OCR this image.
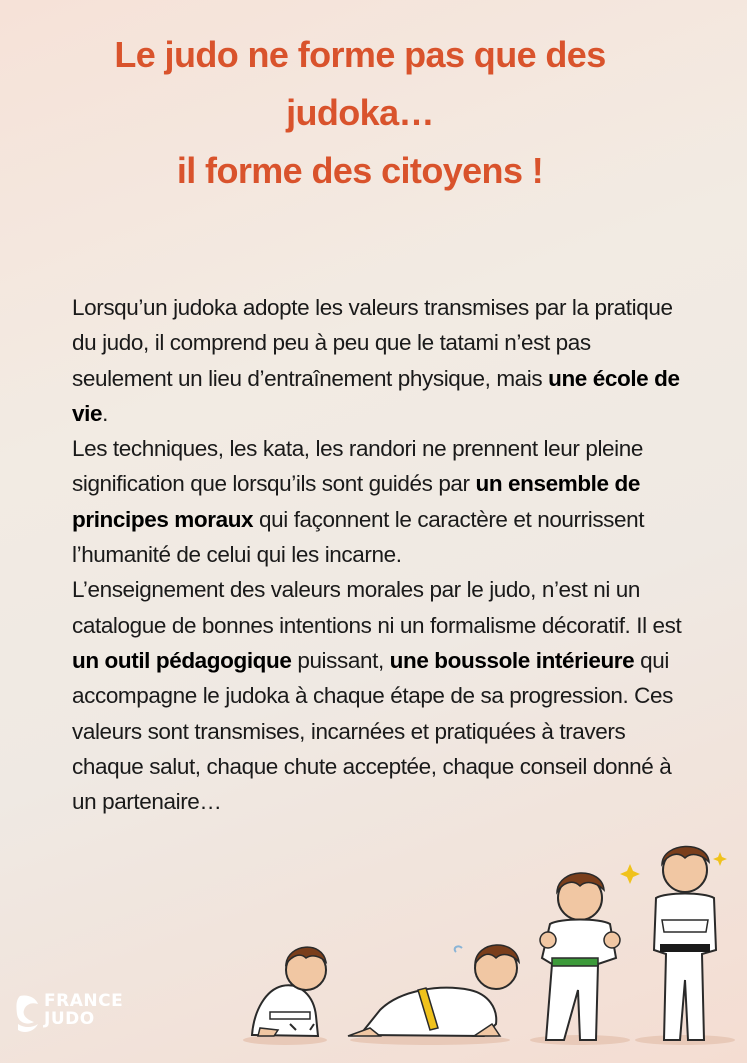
Le judo ne forme pas que des
judoka…
il forme des citoyens !

Lorsqu’un judoka adopte les valeurs transmises par la pratique du judo, il comprend peu à peu que le tatami n’est pas seulement un lieu d’entraînement physique, mais une école de vie.

Les techniques, les kata, les randori ne prennent leur pleine signification que lorsqu’ils sont guidés par un ensemble de principes moraux qui façonnent le caractère et nourrissent l’humanité de celui qui les incarne.

L’enseignement des valeurs morales par le judo, n’est ni un catalogue de bonnes intentions ni un formalisme décoratif. Il est un outil pédagogique puissant, une boussole intérieure qui accompagne le judoka à chaque étape de sa progression. Ces valeurs sont transmises, incarnées et pratiquées à travers chaque salut, chaque chute acceptée, chaque conseil donné à un partenaire…

FRANCE
JUDO
